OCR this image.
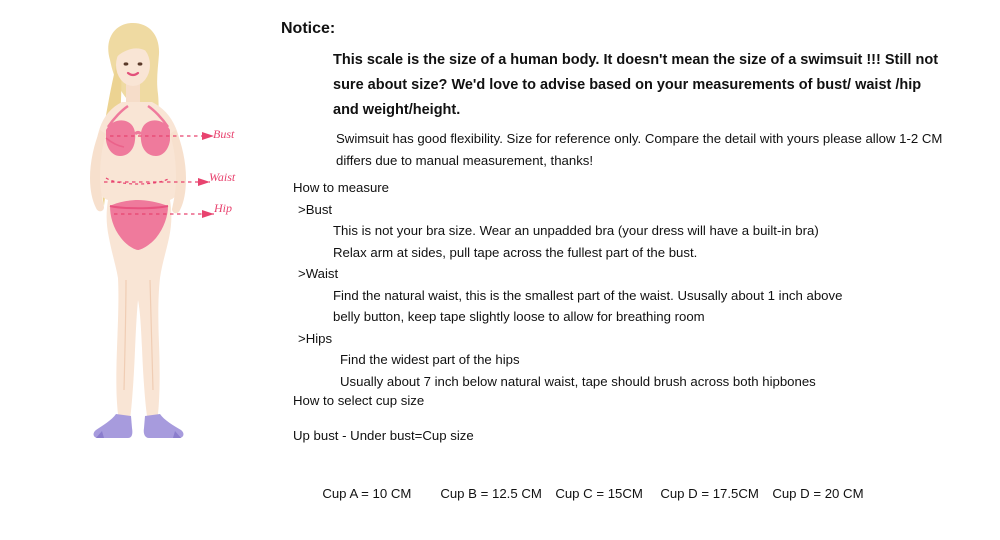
Bust
Waist
Hip
Notice:
This scale is the size of a human body. It doesn't mean the size of a swimsuit !!! Still not sure about size? We'd love to advise based on your measurements of bust/ waist /hip and weight/height.
Swimsuit has good flexibility. Size for reference only. Compare the detail with yours please allow 1-2 CM differs due to manual measurement, thanks!

How to measure

>Bust

This is not your bra size. Wear an unpadded bra (your dress will have a built-in bra)

Relax arm at sides, pull tape across the fullest part of the bust.

>Waist

Find the natural waist, this is the smallest part of the waist. Ususally about 1 inch above

belly button, keep tape slightly loose to allow for breathing room

>Hips

Find the widest part of the hips

Usually about 7 inch below natural waist, tape should brush across both hipbones

How to select cup size

Up bust - Under bust=Cup size

Cup A = 10 CM Cup B = 12.5 CM Cup C = 15CM Cup D = 17.5CM Cup D = 20 CM
